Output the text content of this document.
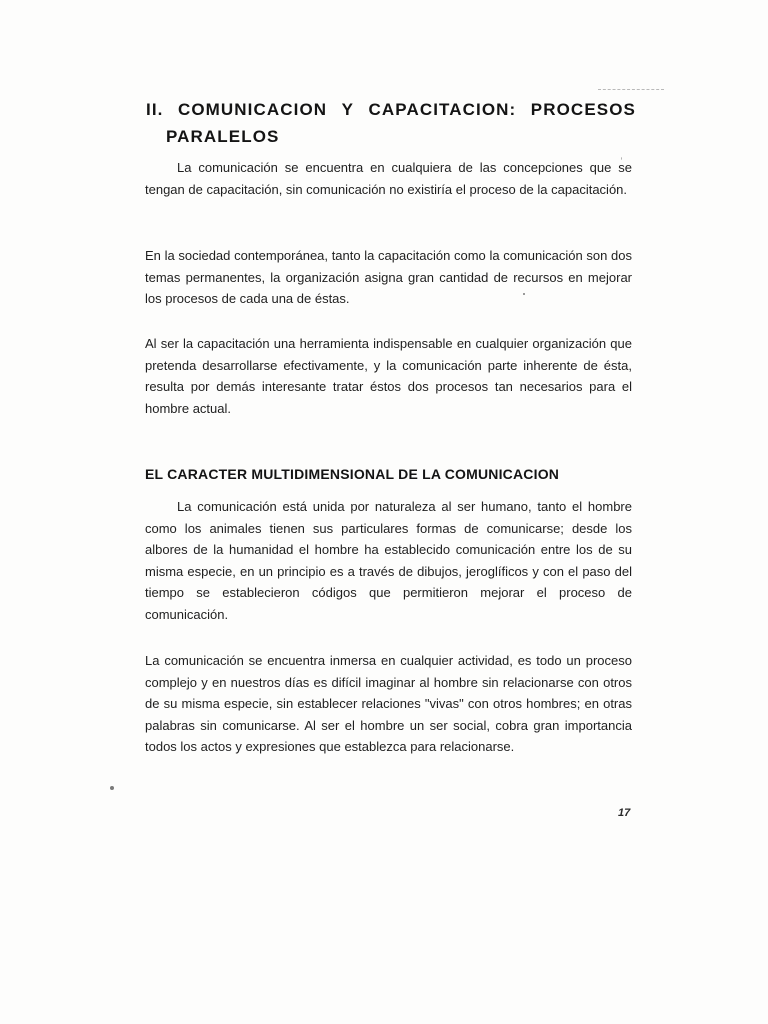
II. COMUNICACION Y CAPACITACION: PROCESOS
PARALELOS

La comunicación se encuentra en cualquiera de las concepciones que se tengan de capacitación, sin comunicación no existiría el proceso de la capacitación.

En la sociedad contemporánea, tanto la capacitación como la comunicación son dos temas permanentes, la organización asigna gran cantidad de recursos en mejorar los procesos de cada una de éstas.

Al ser la capacitación una herramienta indispensable en cualquier organización que pretenda desarrollarse efectivamente, y la comunicación parte inherente de ésta, resulta por demás interesante tratar éstos dos procesos tan necesarios para el hombre actual.

EL CARACTER MULTIDIMENSIONAL DE LA COMUNICACION

La comunicación está unida por naturaleza al ser humano, tanto el hombre como los animales tienen sus particulares formas de comunicarse; desde los albores de la humanidad el hombre ha establecido comunicación entre los de su misma especie, en un principio es a través de dibujos, jeroglíficos y con el paso del tiempo se establecieron códigos que permitieron mejorar el proceso de comunicación.

La comunicación se encuentra inmersa en cualquier actividad, es todo un proceso complejo y en nuestros días es difícil imaginar al hombre sin relacionarse con otros de su misma especie, sin establecer relaciones "vivas" con otros hombres; en otras palabras sin comunicarse. Al ser el hombre un ser social, cobra gran importancia todos los actos y expresiones que establezca para relacionarse.

17
